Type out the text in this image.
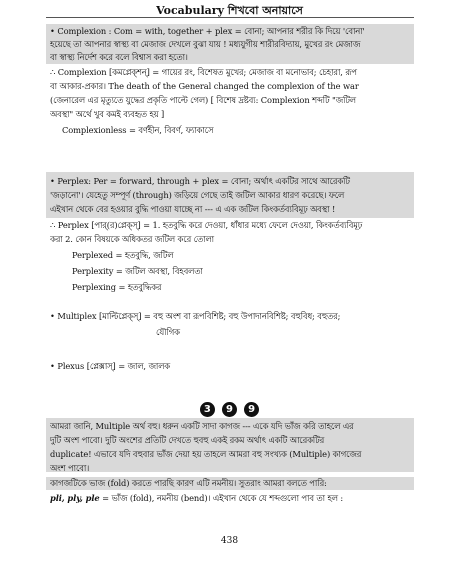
Vocabulary শিখবো অনায়াসে
• Complexion : Com = with, together + plex = বোনা; আপনার শরীর কি দিয়ে 'বোনা'
হয়েছে তা আপনার স্বাস্থ্য বা মেজাজ দেখলে বুঝা যায় ! মধ্যযুগীয় শারীরবিদ্যায়, মুখের রং মেজাজ
বা স্বাস্থ্য নির্দেশ করে বলে বিশ্বাস করা হতো।
∴ Complexion [কমপ্লেক্শন্] = গায়ের রং, বিশেষত মুখের; মেজাজ বা মনোভাব; চেহারা, রূপ
বা আকার-প্রকার। The death of the General changed the complexion of the war
(জেনারেল এর মৃত্যুতে যুদ্ধের প্রকৃতি পাল্টে গেল) [ বিশেষ দ্রষ্টব্য: Complexion শব্দটি "জটিল
অবস্থা" অর্থে খুব কমই ব্যবহৃত হয় ]
Complexionless = বর্ণহীন, বিবর্ণ, ফ্যাকাসে
• Perplex: Per = forward, through + plex = বোনা; অর্থাৎ একটির সাথে আরেকটি
'জড়ানো'। যেহেতু সম্পূর্ণ (through) জড়িয়ে গেছে তাই জটিল আকার ধারণ করেছে। ফলে
এইখান থেকে বের হওয়ার বুদ্ধি পাওয়া যাচ্ছে না --- এ এক জটিল কিংকর্তব্যবিমূঢ় অবস্থা !
∴ Perplex [পার্(র)প্লেক্স্] = 1. হতবুদ্ধি করে দেওয়া, ধাঁধার মধ্যে ফেলে দেওয়া, কিংকর্তব্যবিমূঢ়
করা 2. কোন বিষয়কে অধিকতর জটিল করে তোলা
Perplexed = হতবুদ্ধি, জটিল
Perplexity = জটিল অবস্থা, বিহবলতা
Perplexing = হতবুদ্ধিকর
• Multiplex [মাল্টিপ্লেক্স্] = বহু অংশ বা রূপবিশিষ্ট; বহু উপাদানবিশিষ্ট; বহুবিধ; বহুতর;
যৌগিক
• Plexus [প্লেক্সাস্] = জাল, জালক
3 9 9
আমরা জানি, Multiple অর্থ বহু। ধরুন একটি সাদা কাগজ --- একে যদি ভাঁজ করি তাহলে এর
দুটি অংশ পাবো। দুটি অংশের প্রতিটি দেখতে হুবহু একই রকম অর্থাৎ একটি আরেকটির
duplicate! এভাবে যদি বহুবার ভাঁজ দেয়া হয় তাহলে আমরা বহু সংখ্যক (Multiple) কাগজের
অংশ পাবো।
কাগজটিকে ভাজ (fold) করতে পারছি কারণ এটি নমনীয়। সুতরাং আমরা বলতে পারি:
pli, ply, ple = ভাঁজ (fold), নমনীয় (bend)। এইখান থেকে যে শব্দগুলো পাব তা হল :
438
